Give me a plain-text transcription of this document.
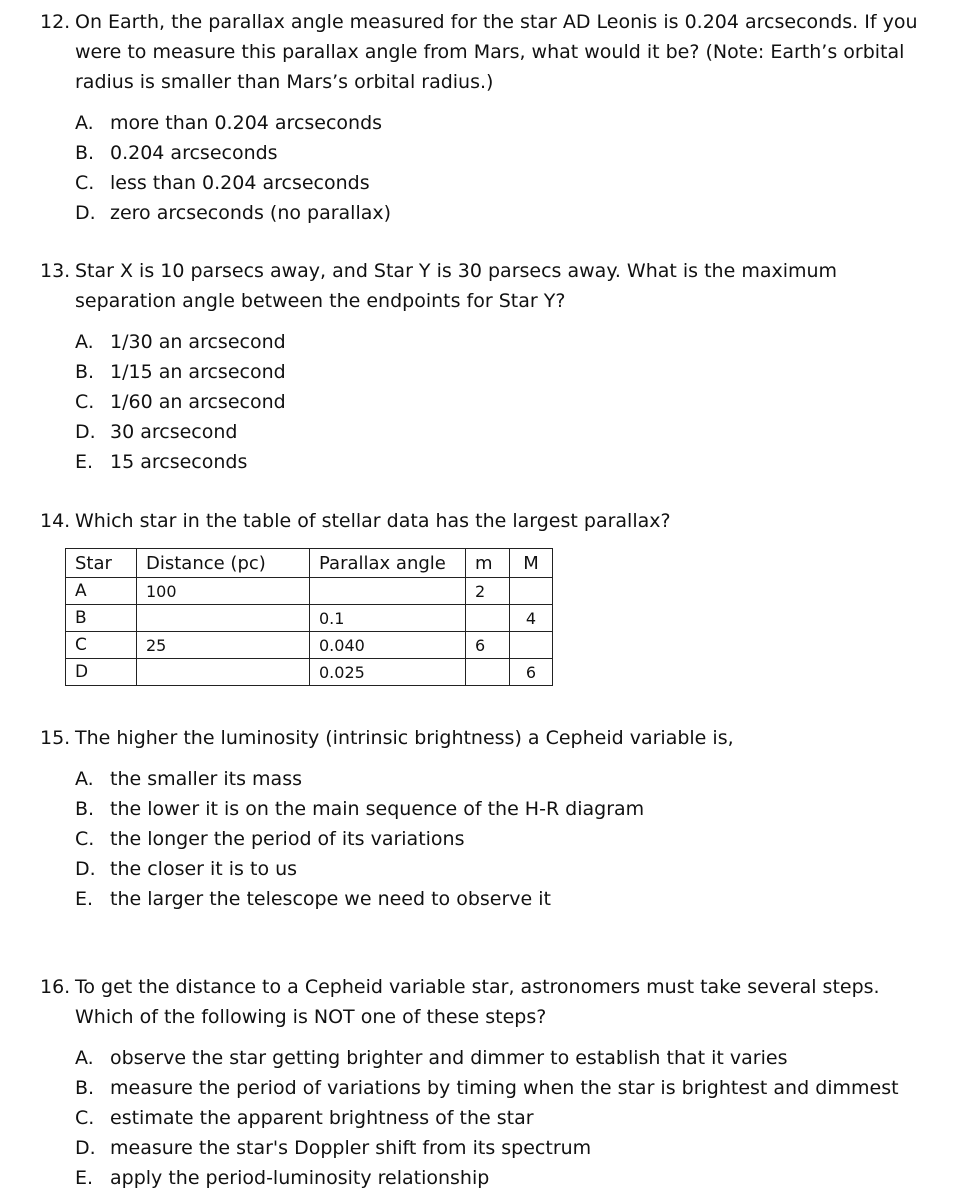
12. On Earth, the parallax angle measured for the star AD Leonis is 0.204 arcseconds. If you were to measure this parallax angle from Mars, what would it be? (Note: Earth’s orbital radius is smaller than Mars’s orbital radius.)
A. more than 0.204 arcseconds
B. 0.204 arcseconds
C. less than 0.204 arcseconds
D. zero arcseconds (no parallax)
13. Star X is 10 parsecs away, and Star Y is 30 parsecs away. What is the maximum separation angle between the endpoints for Star Y?
A. 1/30 an arcsecond
B. 1/15 an arcsecond
C. 1/60 an arcsecond
D. 30 arcsecond
E. 15 arcseconds
14. Which star in the table of stellar data has the largest parallax?
Star	Distance (pc)	Parallax angle	m	M
A	100		2	
B		0.1		4
C	25	0.040	6	
D		0.025		6
15. The higher the luminosity (intrinsic brightness) a Cepheid variable is,
A. the smaller its mass
B. the lower it is on the main sequence of the H-R diagram
C. the longer the period of its variations
D. the closer it is to us
E. the larger the telescope we need to observe it
16. To get the distance to a Cepheid variable star, astronomers must take several steps. Which of the following is NOT one of these steps?
A. observe the star getting brighter and dimmer to establish that it varies
B. measure the period of variations by timing when the star is brightest and dimmest
C. estimate the apparent brightness of the star
D. measure the star's Doppler shift from its spectrum
E. apply the period-luminosity relationship
